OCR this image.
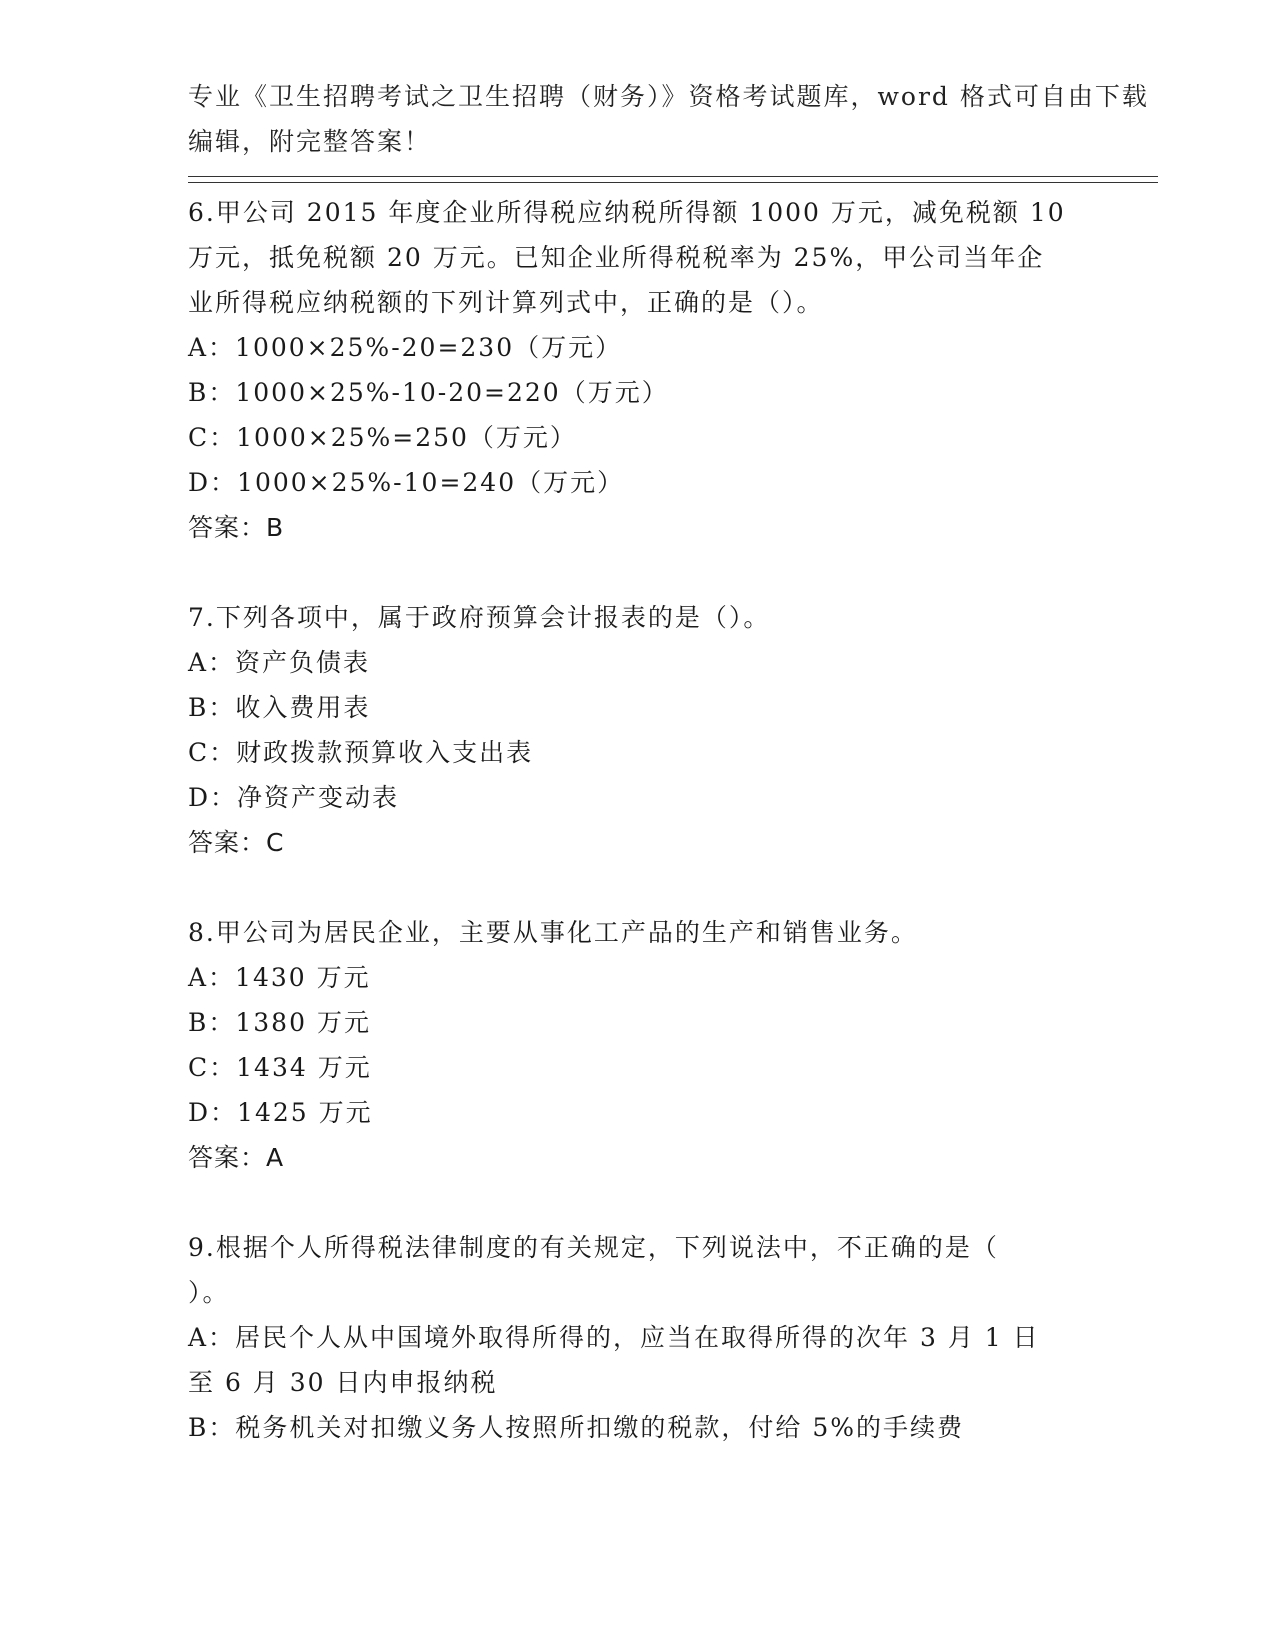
专业《卫生招聘考试之卫生招聘（财务）》资格考试题库，word 格式可自由下载
编辑，附完整答案！
6.甲公司 2015 年度企业所得税应纳税所得额 1000 万元，减免税额 10
万元，抵免税额 20 万元。已知企业所得税税率为 25%，甲公司当年企
业所得税应纳税额的下列计算列式中，正确的是（）。
A：1000×25%-20=230（万元）
B：1000×25%-10-20=220（万元）
C：1000×25%=250（万元）
D：1000×25%-10=240（万元）
答案：B
7.下列各项中，属于政府预算会计报表的是（）。
A：资产负债表
B：收入费用表
C：财政拨款预算收入支出表
D：净资产变动表
答案：C
8.甲公司为居民企业，主要从事化工产品的生产和销售业务。
A：1430 万元
B：1380 万元
C：1434 万元
D：1425 万元
答案：A
9.根据个人所得税法律制度的有关规定，下列说法中，不正确的是（
）。
A：居民个人从中国境外取得所得的，应当在取得所得的次年 3 月 1 日
至 6 月 30 日内申报纳税
B：税务机关对扣缴义务人按照所扣缴的税款，付给 5%的手续费
